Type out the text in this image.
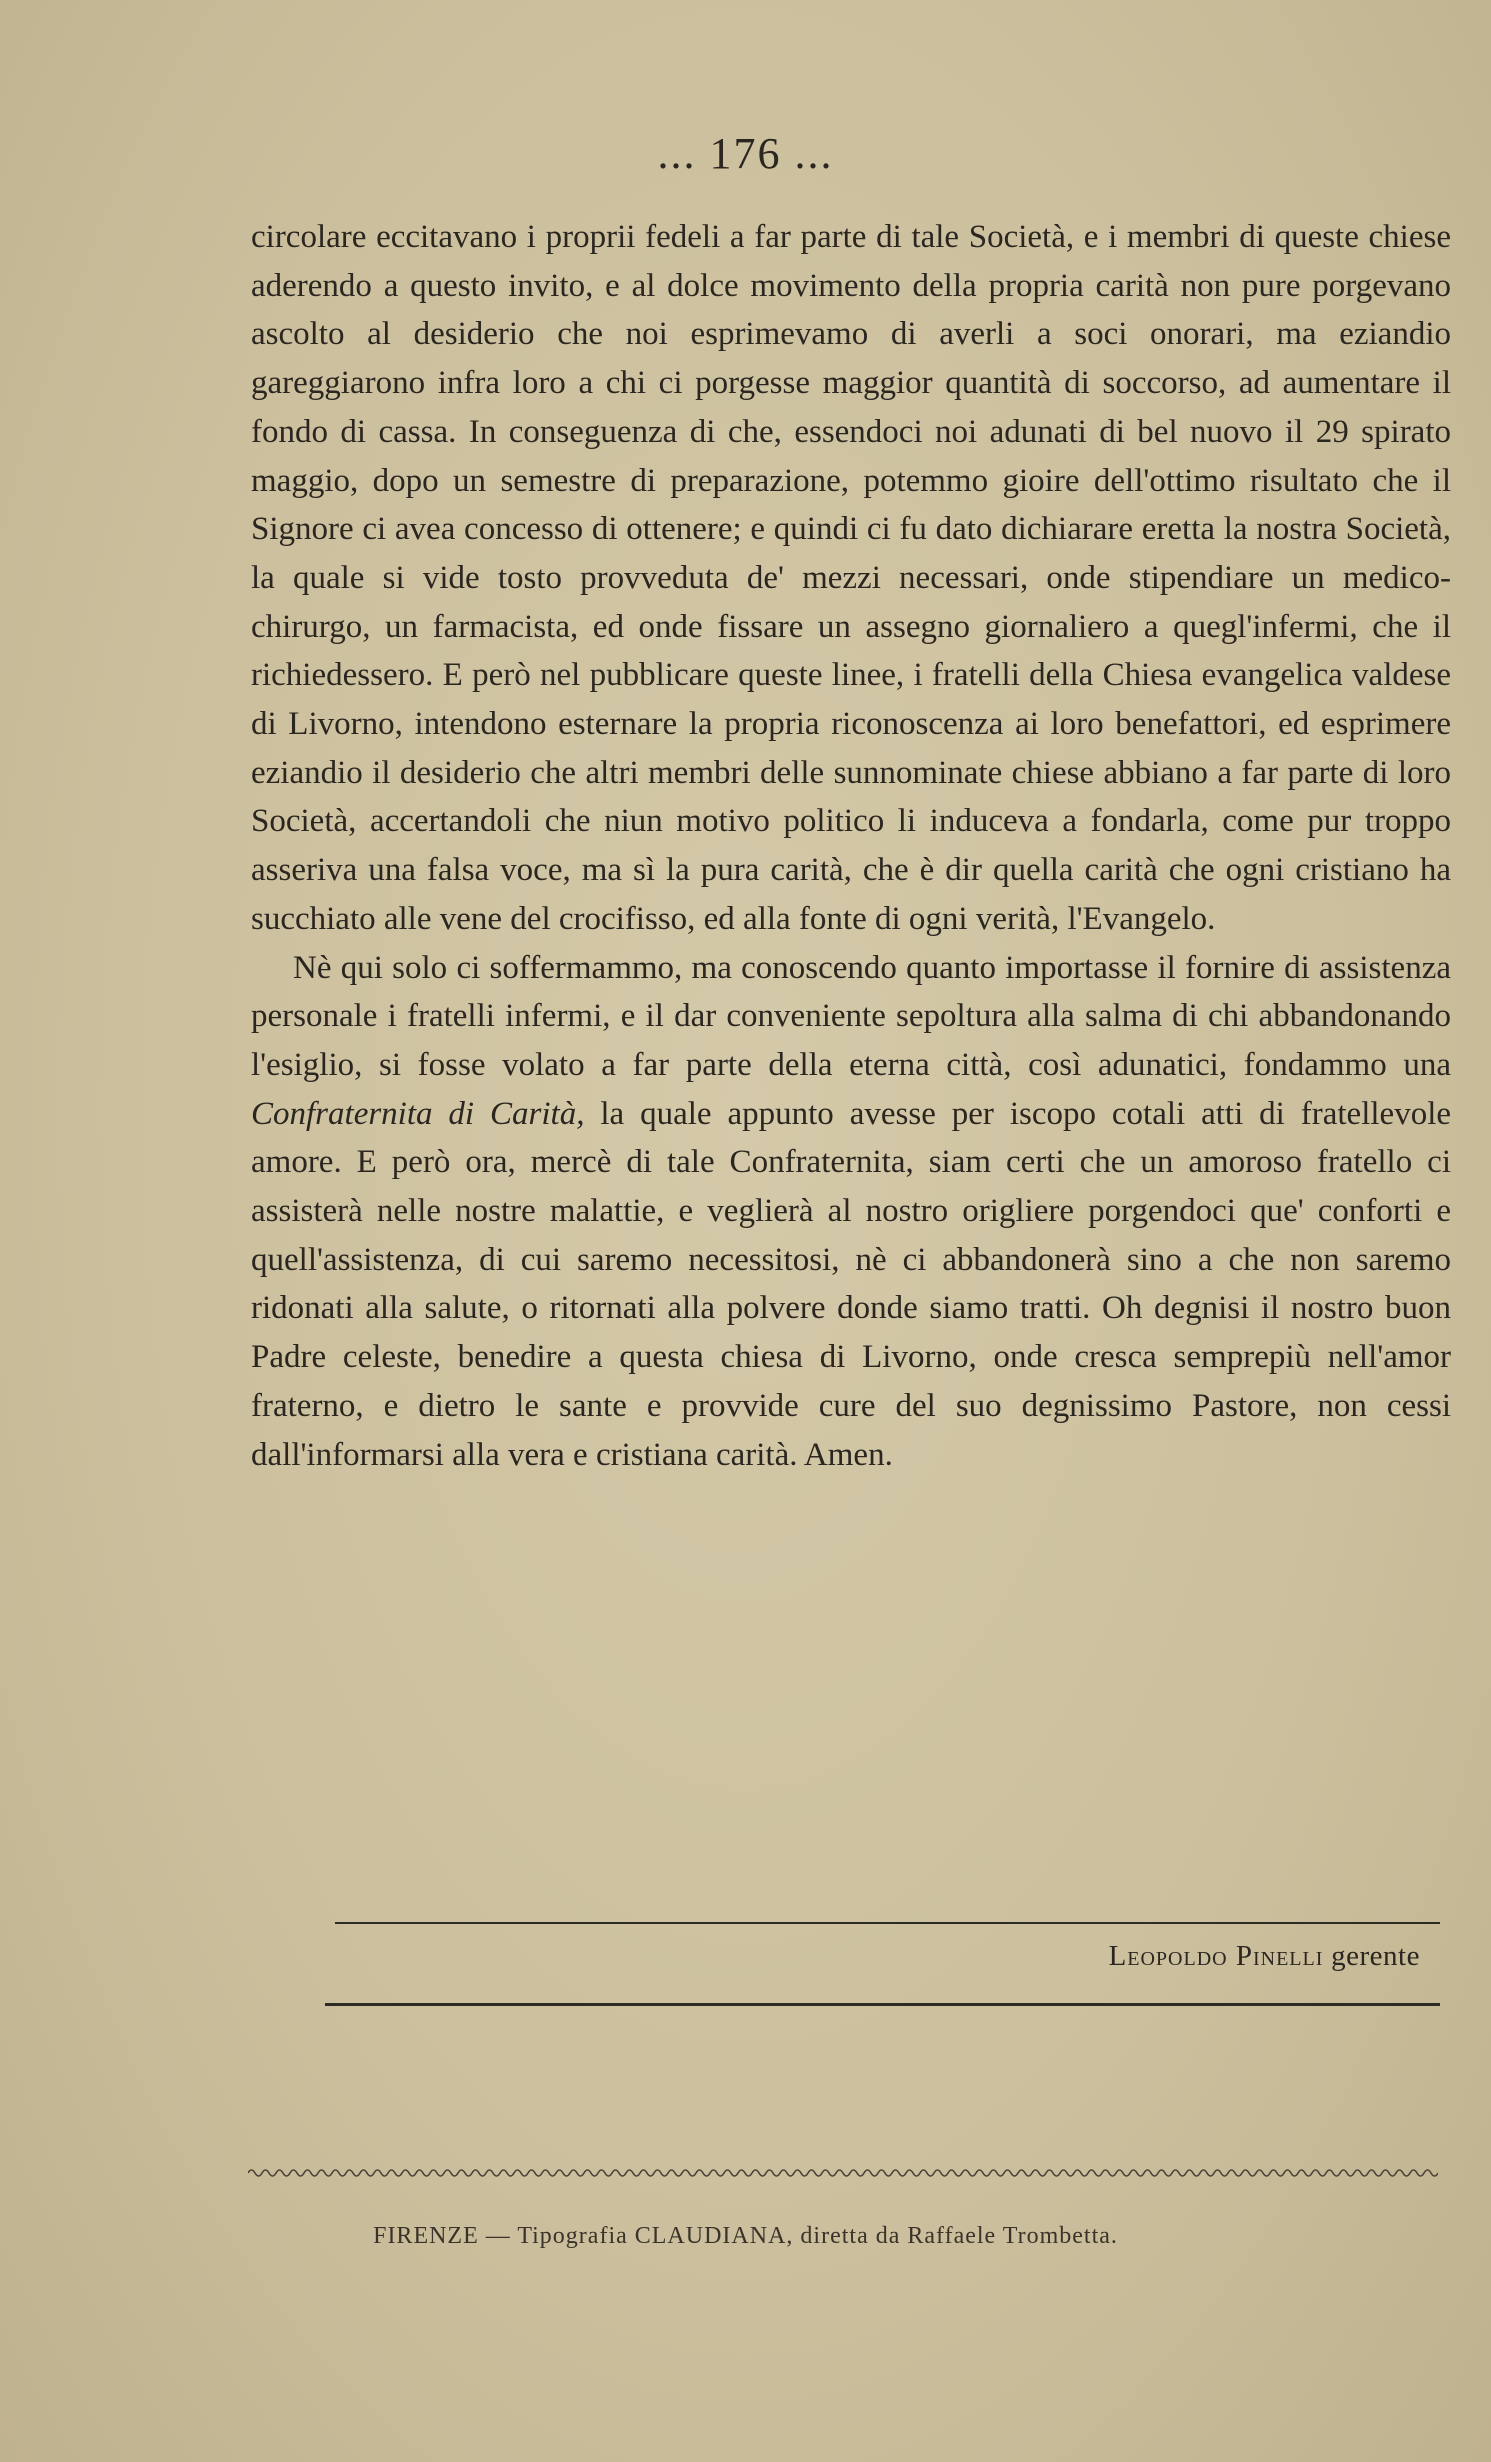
... 176 ...

circolare eccitavano i proprii fedeli a far parte di tale Società, e i membri di queste chiese aderendo a questo invito, e al dolce movimento della propria carità non pure porgevano ascolto al desiderio che noi esprimevamo di averli a soci onorari, ma eziandio gareggiarono infra loro a chi ci porgesse maggior quantità di soccorso, ad aumentare il fondo di cassa. In conseguenza di che, essendoci noi adunati di bel nuovo il 29 spirato maggio, dopo un semestre di preparazione, potemmo gioire dell'ottimo risultato che il Signore ci avea concesso di ottenere; e quindi ci fu dato dichiarare eretta la nostra Società, la quale si vide tosto provveduta de' mezzi necessari, onde stipendiare un medico-chirurgo, un farmacista, ed onde fissare un assegno giornaliero a quegl'infermi, che il richiedessero. E però nel pubblicare queste linee, i fratelli della Chiesa evangelica valdese di Livorno, intendono esternare la propria riconoscenza ai loro benefattori, ed esprimere eziandio il desiderio che altri membri delle sunnominate chiese abbiano a far parte di loro Società, accertandoli che niun motivo politico li induceva a fondarla, come pur troppo asseriva una falsa voce, ma sì la pura carità, che è dir quella carità che ogni cristiano ha succhiato alle vene del crocifisso, ed alla fonte di ogni verità, l'Evangelo.

Nè qui solo ci soffermammo, ma conoscendo quanto importasse il fornire di assistenza personale i fratelli infermi, e il dar conveniente sepoltura alla salma di chi abbandonando l'esiglio, si fosse volato a far parte della eterna città, così adunatici, fondammo una Confraternita di Carità, la quale appunto avesse per iscopo cotali atti di fratellevole amore. E però ora, mercè di tale Confraternita, siam certi che un amoroso fratello ci assisterà nelle nostre malattie, e veglierà al nostro origliere porgendoci que' conforti e quell'assistenza, di cui saremo necessitosi, nè ci abbandonerà sino a che non saremo ridonati alla salute, o ritornati alla polvere donde siamo tratti. Oh degnisi il nostro buon Padre celeste, benedire a questa chiesa di Livorno, onde cresca semprepiù nell'amor fraterno, e dietro le sante e provvide cure del suo degnissimo Pastore, non cessi dall'informarsi alla vera e cristiana carità. Amen.

Leopoldo Pinelli gerente
FIRENZE — Tipografia CLAUDIANA, diretta da Raffaele Trombetta.
